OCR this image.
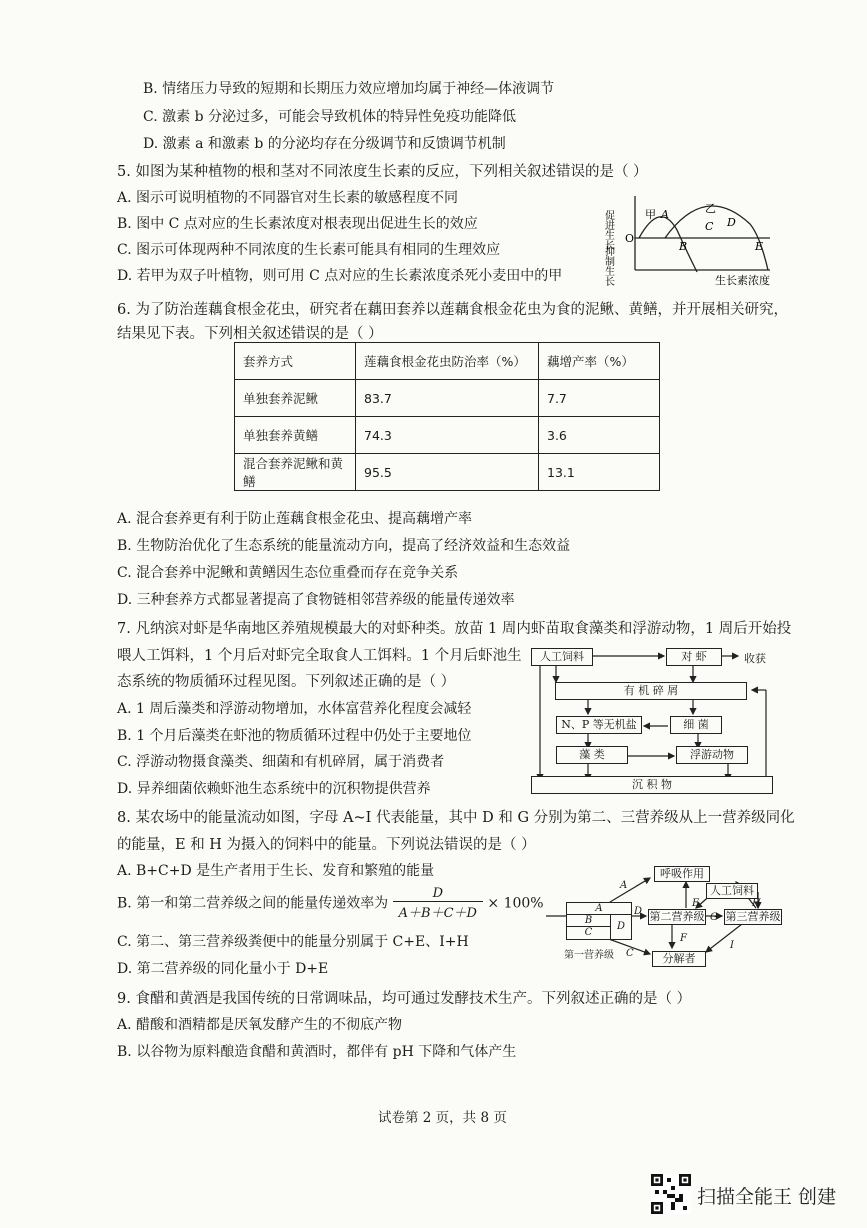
B. 情绪压力导致的短期和长期压力效应增加均属于神经—体液调节
C. 激素 b 分泌过多，可能会导致机体的特异性免疫功能降低
D. 激素 a 和激素 b 的分泌均存在分级调节和反馈调节机制
5. 如图为某种植物的根和茎对不同浓度生长素的反应，下列相关叙述错误的是（ ）
A. 图示可说明植物的不同器官对生长素的敏感程度不同
B. 图中 C 点对应的生长素浓度对根表现出促进生长的效应
C. 图示可体现两种不同浓度的生长素可能具有相同的生理效应
D. 若甲为双子叶植物，则可用 C 点对应的生长素浓度杀死小麦田中的甲
促进生长
抑制生长
O
甲 A	乙
B
C D
E
生长素浓度
6. 为了防治莲藕食根金花虫，研究者在藕田套养以莲藕食根金花虫为食的泥鳅、黄鳝，并开展相关研究，
结果见下表。下列相关叙述错误的是（ ）
套养方式	莲藕食根金花虫防治率（%）	藕增产率（%）
单独套养泥鳅	83.7	7.7
单独套养黄鳝	74.3	3.6
混合套养泥鳅和黄鳝	95.5	13.1
A. 混合套养更有利于防止莲藕食根金花虫、提高藕增产率
B. 生物防治优化了生态系统的能量流动方向，提高了经济效益和生态效益
C. 混合套养中泥鳅和黄鳝因生态位重叠而存在竞争关系
D. 三种套养方式都显著提高了食物链相邻营养级的能量传递效率
7. 凡纳滨对虾是华南地区养殖规模最大的对虾种类。放苗 1 周内虾苗取食藻类和浮游动物，1 周后开始投
喂人工饵料，1 个月后对虾完全取食人工饵料。1 个月后虾池生
态系统的物质循环过程见图。下列叙述正确的是（ ）
A. 1 周后藻类和浮游动物增加，水体富营养化程度会减轻
B. 1 个月后藻类在虾池的物质循环过程中仍处于主要地位
C. 浮游动物摄食藻类、细菌和有机碎屑，属于消费者
D. 异养细菌依赖虾池生态系统中的沉积物提供营养
人工饲料	对 虾	收获
有 机 碎 屑
N、P 等无机盐	细 菌
藻 类	浮游动物
沉 积 物
8. 某农场中的能量流动如图，字母 A~I 代表能量，其中 D 和 G 分别为第二、三营养级从上一营养级同化
的能量，E 和 H 为摄入的饲料中的能量。下列说法错误的是（ ）
A. B+C+D 是生产者用于生长、发育和繁殖的能量
B. 第一和第二营养级之间的能量传递效率为 $\frac{D}{A+B+C+D} \times 100\%$
C. 第二、第三营养级粪便中的能量分别属于 C+E、I+H
D. 第二营养级的同化量小于 D+E
呼吸作用
人工饲料
A
B
C
D
第一营养级
第二营养级 第三营养级
分解者
A
D
E
F
G
H
I
C
9. 食醋和黄酒是我国传统的日常调味品，均可通过发酵技术生产。下列叙述正确的是（ ）
A. 醋酸和酒精都是厌氧发酵产生的不彻底产物
B. 以谷物为原料酿造食醋和黄酒时，都伴有 pH 下降和气体产生
试卷第 2 页，共 8 页
扫描全能王 创建
